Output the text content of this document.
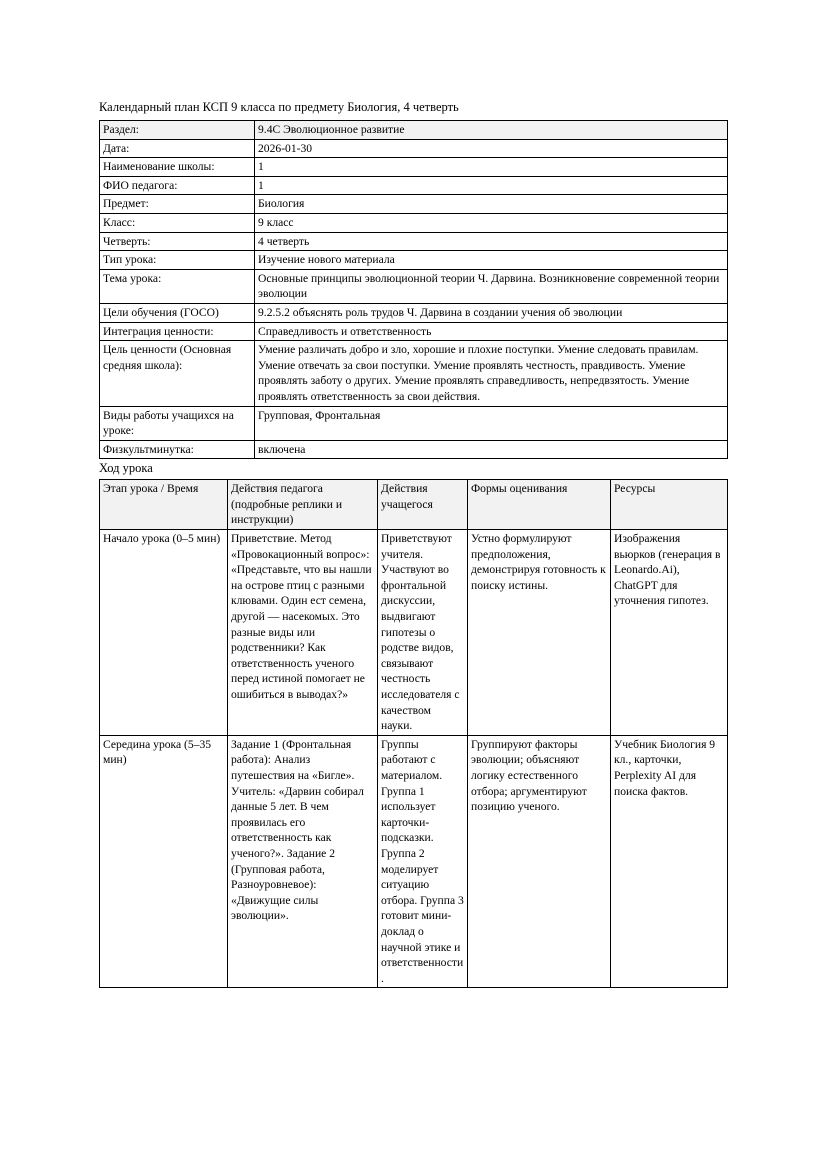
Календарный план КСП 9 класса по предмету Биология, 4 четверть
Раздел:	9.4С Эволюционное развитие
Дата:	2026-01-30
Наименование школы:	1
ФИО педагога:	1
Предмет:	Биология
Класс:	9 класс
Четверть:	4 четверть
Тип урока:	Изучение нового материала
Тема урока:	Основные принципы эволюционной теории Ч. Дарвина. Возникновение современной теории эволюции
Цели обучения (ГОСО)	9.2.5.2 объяснять роль трудов Ч. Дарвина в создании учения об эволюции
Интеграция ценности:	Справедливость и ответственность
Цель ценности (Основная средняя школа):	Умение различать добро и зло, хорошие и плохие поступки. Умение следовать правилам. Умение отвечать за свои поступки. Умение проявлять честность, правдивость. Умение проявлять заботу о других. Умение проявлять справедливость, непредвзятость. Умение проявлять ответственность за свои действия.
Виды работы учащихся на уроке:	Групповая, Фронтальная
Физкультминутка:	включена
Ход урока
Этап урока / Время	Действия педагога (подробные реплики и инструкции)	Действия учащегося	Формы оценивания	Ресурсы
Начало урока (0–5 мин)	Приветствие. Метод «Провокационный вопрос»: «Представьте, что вы нашли на острове птиц с разными клювами. Один ест семена, другой — насекомых. Это разные виды или родственники? Как ответственность ученого перед истиной помогает не ошибиться в выводах?»	Приветствуют учителя. Участвуют во фронтальной дискуссии, выдвигают гипотезы о родстве видов, связывают честность исследователя с качеством науки.	Устно формулируют предположения, демонстрируя готовность к поиску истины.	Изображения вьюрков (генерация в Leonardo.Ai), ChatGPT для уточнения гипотез.
Середина урока (5–35 мин)	Задание 1 (Фронтальная работа): Анализ путешествия на «Бигле». Учитель: «Дарвин собирал данные 5 лет. В чем проявилась его ответственность как ученого?». Задание 2 (Групповая работа, Разноуровневое): «Движущие силы эволюции».	Группы работают с материалом. Группа 1 использует карточки-подсказки. Группа 2 моделирует ситуацию отбора. Группа 3 готовит мини-доклад о научной этике и ответственности.	Группируют факторы эволюции; объясняют логику естественного отбора; аргументируют позицию ученого.	Учебник Биология 9 кл., карточки, Perplexity AI для поиска фактов.
